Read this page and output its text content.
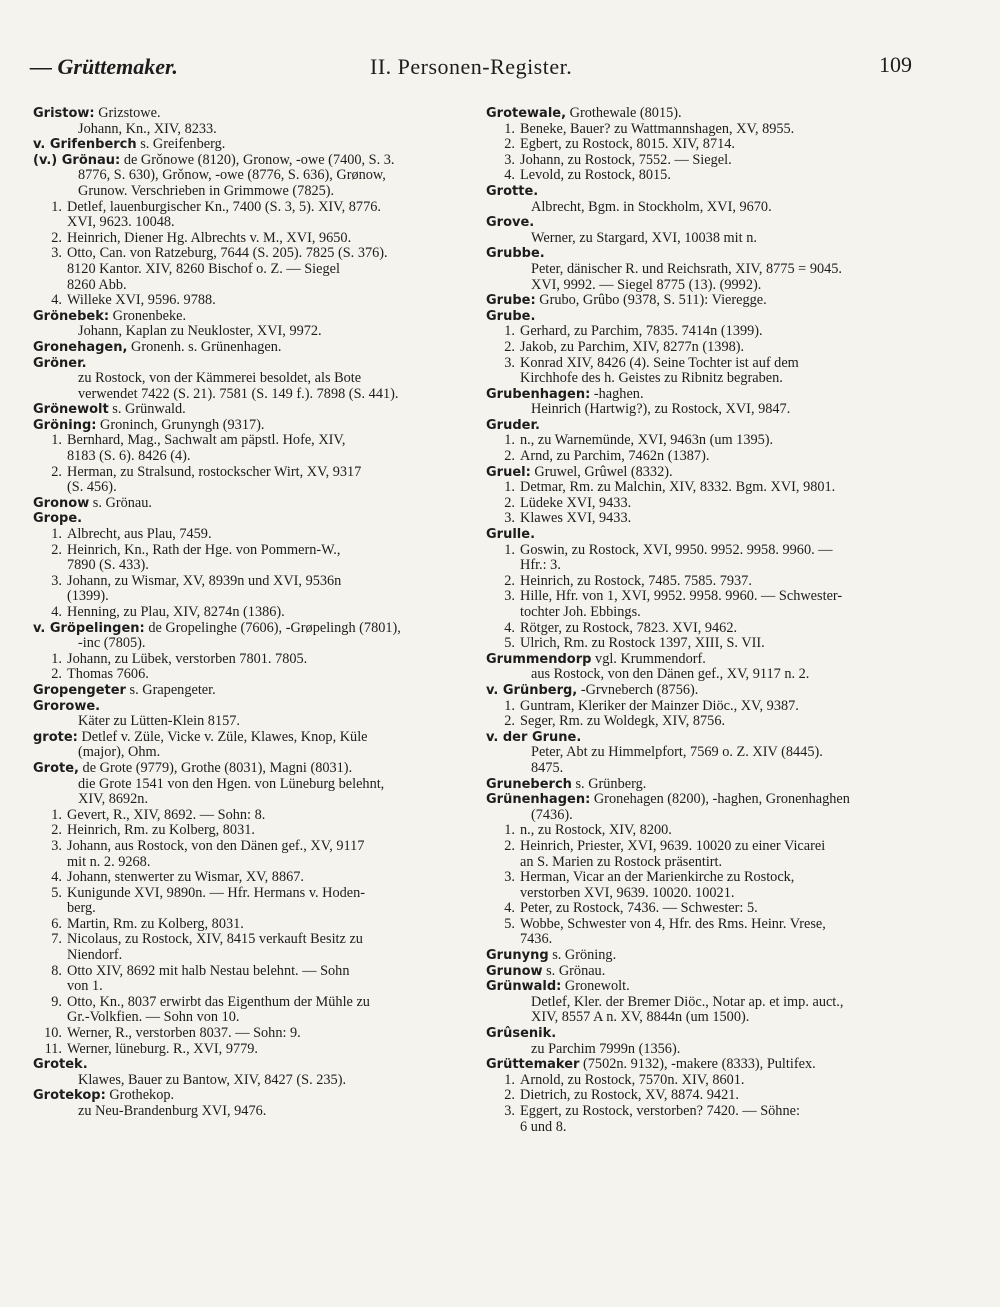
— Grüttemaker.	II. Personen-Register.	109
Gristow: Grizstowe.
Johann, Kn., XIV, 8233.
v. Grifenberch s. Greifenberg.
(v.) Grönau: de Grǒnowe (8120), Gronow, -owe (7400, S. 3.
8776, S. 630), Grǒnow, -owe (8776, S. 636), Grønow,
Grunow. Verschrieben in Grimmowe (7825).
1. Detlef, lauenburgischer Kn., 7400 (S. 3, 5). XIV, 8776.
XVI, 9623. 10048.
2. Heinrich, Diener Hg. Albrechts v. M., XVI, 9650.
3. Otto, Can. von Ratzeburg, 7644 (S. 205). 7825 (S. 376).
8120 Kantor. XIV, 8260 Bischof o. Z. — Siegel
8260 Abb.
4. Willeke XVI, 9596. 9788.
Grönebek: Gronenbeke.
Johann, Kaplan zu Neukloster, XVI, 9972.
Gronehagen, Gronenh. s. Grünenhagen.
Gröner.
zu Rostock, von der Kämmerei besoldet, als Bote
verwendet 7422 (S. 21). 7581 (S. 149 f.). 7898 (S. 441).
Grönewolt s. Grünwald.
Gröning: Groninch, Grunyngh (9317).
1. Bernhard, Mag., Sachwalt am päpstl. Hofe, XIV,
8183 (S. 6). 8426 (4).
2. Herman, zu Stralsund, rostockscher Wirt, XV, 9317
(S. 456).
Gronow s. Grönau.
Grope.
1. Albrecht, aus Plau, 7459.
2. Heinrich, Kn., Rath der Hge. von Pommern-W.,
7890 (S. 433).
3. Johann, zu Wismar, XV, 8939n und XVI, 9536n
(1399).
4. Henning, zu Plau, XIV, 8274n (1386).
v. Gröpelingen: de Gropelinghe (7606), -Grøpelingh (7801),
-inc (7805).
1. Johann, zu Lübek, verstorben 7801. 7805.
2. Thomas 7606.
Gropengeter s. Grapengeter.
Grorowe.
Käter zu Lütten-Klein 8157.
grote: Detlef v. Züle, Vicke v. Züle, Klawes, Knop, Küle
(major), Ohm.
Grote, de Grote (9779), Grothe (8031), Magni (8031).
die Grote 1541 von den Hgen. von Lüneburg belehnt,
XIV, 8692n.
1. Gevert, R., XIV, 8692. — Sohn: 8.
2. Heinrich, Rm. zu Kolberg, 8031.
3. Johann, aus Rostock, von den Dänen gef., XV, 9117
mit n. 2. 9268.
4. Johann, stenwerter zu Wismar, XV, 8867.
5. Kunigunde XVI, 9890n. — Hfr. Hermans v. Hoden-
berg.
6. Martin, Rm. zu Kolberg, 8031.
7. Nicolaus, zu Rostock, XIV, 8415 verkauft Besitz zu
Niendorf.
8. Otto XIV, 8692 mit halb Nestau belehnt. — Sohn
von 1.
9. Otto, Kn., 8037 erwirbt das Eigenthum der Mühle zu
Gr.-Volkfien. — Sohn von 10.
10. Werner, R., verstorben 8037. — Sohn: 9.
11. Werner, lüneburg. R., XVI, 9779.
Grotek.
Klawes, Bauer zu Bantow, XIV, 8427 (S. 235).
Grotekop: Grothekop.
zu Neu-Brandenburg XVI, 9476.
Grotewale, Grothewale (8015).
1. Beneke, Bauer? zu Wattmannshagen, XV, 8955.
2. Egbert, zu Rostock, 8015. XIV, 8714.
3. Johann, zu Rostock, 7552. — Siegel.
4. Levold, zu Rostock, 8015.
Grotte.
Albrecht, Bgm. in Stockholm, XVI, 9670.
Grove.
Werner, zu Stargard, XVI, 10038 mit n.
Grubbe.
Peter, dänischer R. und Reichsrath, XIV, 8775 = 9045.
XVI, 9992. — Siegel 8775 (13). (9992).
Grube: Grubo, Grûbo (9378, S. 511): Vieregge.
Grube.
1. Gerhard, zu Parchim, 7835. 7414n (1399).
2. Jakob, zu Parchim, XIV, 8277n (1398).
3. Konrad XIV, 8426 (4). Seine Tochter ist auf dem
Kirchhofe des h. Geistes zu Ribnitz begraben.
Grubenhagen: -haghen.
Heinrich (Hartwig?), zu Rostock, XVI, 9847.
Gruder.
1. n., zu Warnemünde, XVI, 9463n (um 1395).
2. Arnd, zu Parchim, 7462n (1387).
Gruel: Gruwel, Grûwel (8332).
1. Detmar, Rm. zu Malchin, XIV, 8332. Bgm. XVI, 9801.
2. Lüdeke XVI, 9433.
3. Klawes XVI, 9433.
Grulle.
1. Goswin, zu Rostock, XVI, 9950. 9952. 9958. 9960. —
Hfr.: 3.
2. Heinrich, zu Rostock, 7485. 7585. 7937.
3. Hille, Hfr. von 1, XVI, 9952. 9958. 9960. — Schwester-
tochter Joh. Ebbings.
4. Rötger, zu Rostock, 7823. XVI, 9462.
5. Ulrich, Rm. zu Rostock 1397, XIII, S. VII.
Grummendorp vgl. Krummendorf.
aus Rostock, von den Dänen gef., XV, 9117 n. 2.
v. Grünberg, -Grvneberch (8756).
1. Guntram, Kleriker der Mainzer Diöc., XV, 9387.
2. Seger, Rm. zu Woldegk, XIV, 8756.
v. der Grune.
Peter, Abt zu Himmelpfort, 7569 o. Z. XIV (8445).
8475.
Gruneberch s. Grünberg.
Grünenhagen: Gronehagen (8200), -haghen, Gronenhaghen
(7436).
1. n., zu Rostock, XIV, 8200.
2. Heinrich, Priester, XVI, 9639. 10020 zu einer Vicarei
an S. Marien zu Rostock präsentirt.
3. Herman, Vicar an der Marienkirche zu Rostock,
verstorben XVI, 9639. 10020. 10021.
4. Peter, zu Rostock, 7436. — Schwester: 5.
5. Wobbe, Schwester von 4, Hfr. des Rms. Heinr. Vrese,
7436.
Grunyng s. Gröning.
Grunow s. Grönau.
Grünwald: Gronewolt.
Detlef, Kler. der Bremer Diöc., Notar ap. et imp. auct.,
XIV, 8557 A n. XV, 8844n (um 1500).
Grûsenik.
zu Parchim 7999n (1356).
Grüttemaker (7502n. 9132), -makere (8333), Pultifex.
1. Arnold, zu Rostock, 7570n. XIV, 8601.
2. Dietrich, zu Rostock, XV, 8874. 9421.
3. Eggert, zu Rostock, verstorben? 7420. — Söhne:
6 und 8.
